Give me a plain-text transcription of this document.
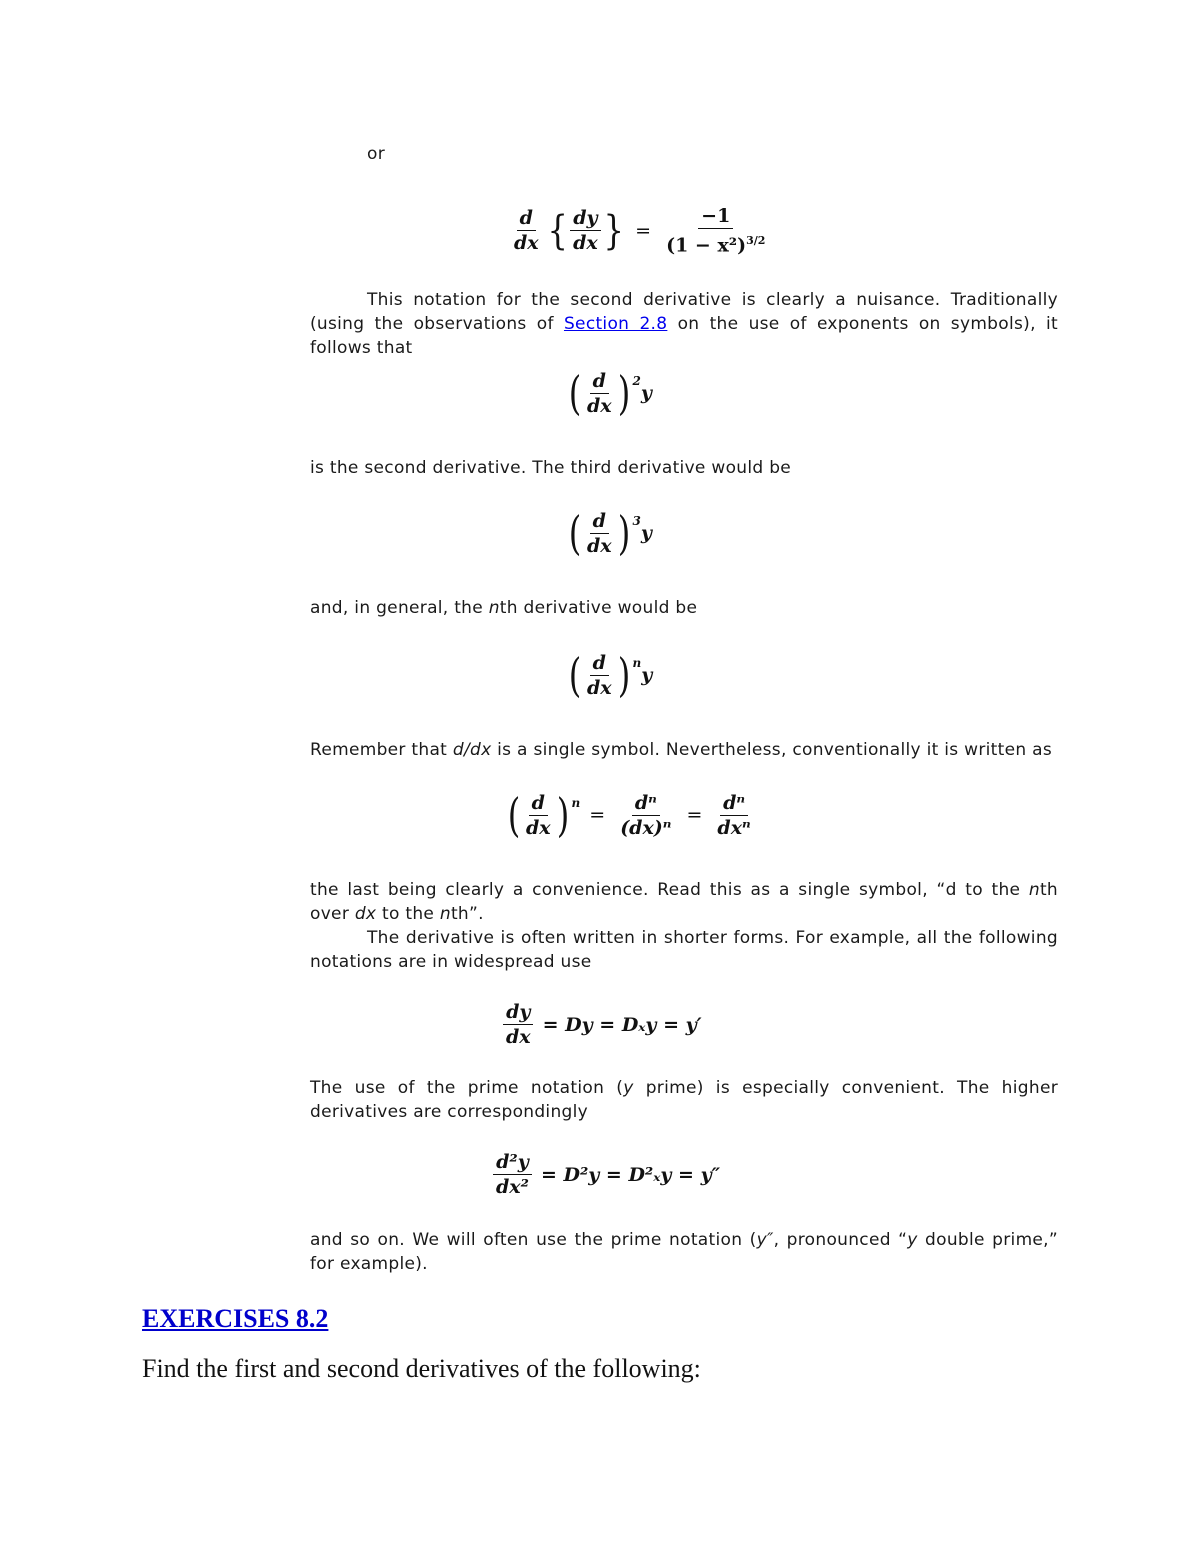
or
$\frac{d}{dx}$ { $\frac{dy}{dx}$ } = $\frac{-1}{(1 - x^2)^{3/2}}$
This notation for the second derivative is clearly a nuisance. Traditionally (using the observations of Section 2.8 on the use of exponents on symbols), it follows that
( $\frac{d}{dx}$ ) 2
y
is the second derivative. The third derivative would be
( $\frac{d}{dx}$ ) 3
y
and, in general, the nth derivative would be
( $\frac{d}{dx}$ ) n
y
Remember that d/dx is a single symbol. Nevertheless, conventionally it is written as
( $\frac{d}{dx}$ ) n
= $\frac{\text{dⁿ}}{\text{(dx)ⁿ}} = \frac{\text{dⁿ}}{\text{dxⁿ}}$
the last being clearly a convenience. Read this as a single symbol, “d to the nth over dx to the nth”.
The derivative is often written in shorter forms. For example, all the following notations are in widespread use
$\frac{dy}{dx} = Dy = D_xy = y'$
The use of the prime notation (y prime) is especially convenient. The higher derivatives are correspondingly
$\frac{\text{d²y}}{\text{dx²}} = D^2y = D^2_xy = y''$
and so on. We will often use the prime notation (y″, pronounced “y double prime,” for example).
EXERCISES 8.2
Find the first and second derivatives of the following:
